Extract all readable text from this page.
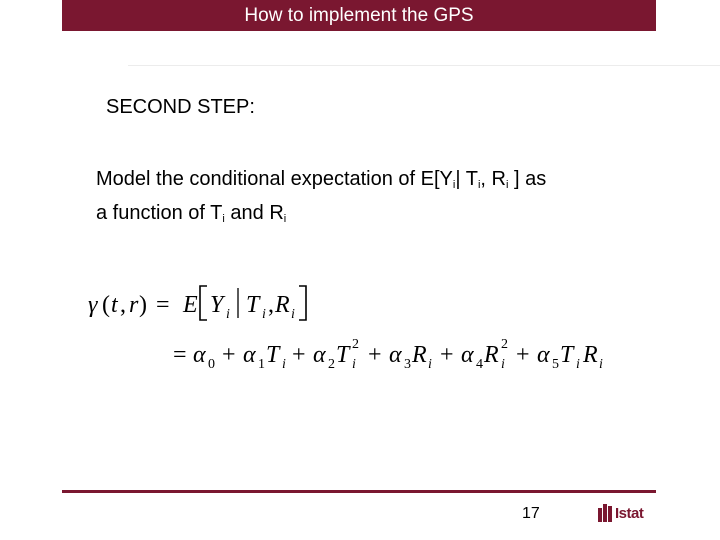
How to implement the GPS
SECOND STEP:
Model the conditional expectation of $E[Y_i|$ $T_i$, $R_i$ ] as
a function of $T_i$ and $R_i$
γ ( t , r ) = E Y i T i , R i
= α 0 + α 1 T i + α 2 T 2
i + α 3 R i + α 4 R 2
i + α 5 T i R i
17	Istat
